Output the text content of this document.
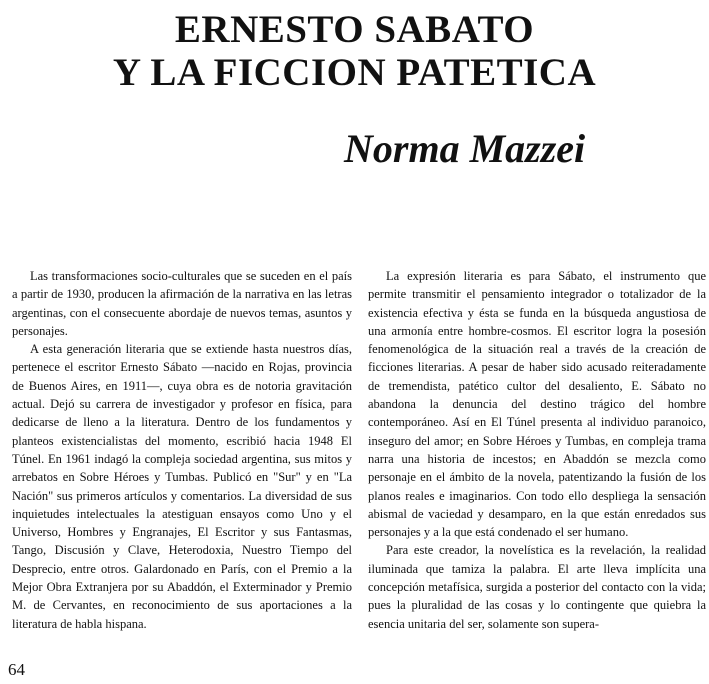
ERNESTO SABATO
Y LA FICCION PATETICA
Norma Mazzei

Las transformaciones socio-culturales que se suceden en el país a partir de 1930, producen la afirmación de la narrativa en las letras argentinas, con el consecuente abordaje de nuevos temas, asuntos y personajes.

A esta generación literaria que se extiende hasta nuestros días, pertenece el escritor Ernesto Sábato —nacido en Rojas, provincia de Buenos Aires, en 1911—, cuya obra es de notoria gravitación actual. Dejó su carrera de investigador y profesor en física, para dedicarse de lleno a la literatura. Dentro de los fundamentos y planteos existencialistas del momento, escribió hacia 1948 El Túnel. En 1961 indagó la compleja sociedad argentina, sus mitos y arrebatos en Sobre Héroes y Tumbas. Publicó en "Sur" y en "La Nación" sus primeros artículos y comentarios. La diversidad de sus inquietudes intelectuales la atestiguan ensayos como Uno y el Universo, Hombres y Engranajes, El Escritor y sus Fantasmas, Tango, Discusión y Clave, Heterodoxia, Nuestro Tiempo del Desprecio, entre otros. Galardonado en París, con el Premio a la Mejor Obra Extranjera por su Abaddón, el Exterminador y Premio M. de Cervantes, en reconocimiento de sus aportaciones a la literatura de habla hispana.

La expresión literaria es para Sábato, el instrumento que permite transmitir el pensamiento integrador o totalizador de la existencia efectiva y ésta se funda en la búsqueda angustiosa de una armonía entre hombre-cosmos. El escritor logra la posesión fenomenológica de la situación real a través de la creación de ficciones literarias. A pesar de haber sido acusado reiteradamente de tremendista, patético cultor del desaliento, E. Sábato no abandona la denuncia del destino trágico del hombre contemporáneo. Así en El Túnel presenta al individuo paranoico, inseguro del amor; en Sobre Héroes y Tumbas, en compleja trama narra una historia de incestos; en Abaddón se mezcla como personaje en el ámbito de la novela, patentizando la fusión de los planos reales e imaginarios. Con todo ello despliega la sensación abismal de vaciedad y desamparo, en la que están enredados sus personajes y a la que está condenado el ser humano.

Para este creador, la novelística es la revelación, la realidad iluminada que tamiza la palabra. El arte lleva implícita una concepción metafísica, surgida a posterior del contacto con la vida; pues la pluralidad de las cosas y lo contingente que quiebra la esencia unitaria del ser, solamente son supera-

64
